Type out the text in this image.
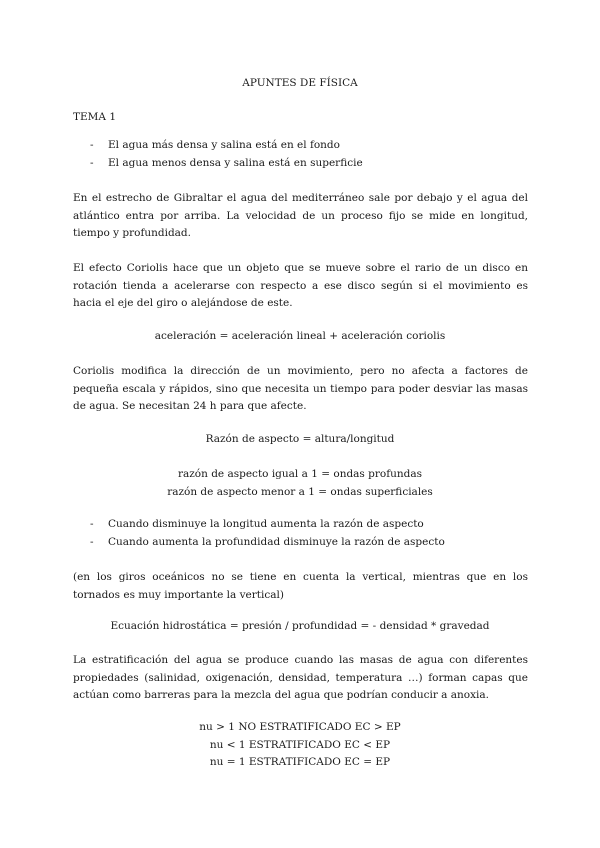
APUNTES DE FÍSICA
TEMA 1
- El agua más densa y salina está en el fondo
- El agua menos densa y salina está en superficie
En el estrecho de Gibraltar el agua del mediterráneo sale por debajo y el agua del atlántico entra por arriba. La velocidad de un proceso fijo se mide en longitud, tiempo y profundidad.
El efecto Coriolis hace que un objeto que se mueve sobre el rario de un disco en rotación tienda a acelerarse con respecto a ese disco según si el movimiento es hacia el eje del giro o alejándose de este.
aceleración = aceleración lineal + aceleración coriolis
Coriolis modifica la dirección de un movimiento, pero no afecta a factores de pequeña escala y rápidos, sino que necesita un tiempo para poder desviar las masas de agua. Se necesitan 24 h para que afecte.
Razón de aspecto = altura/longitud
razón de aspecto igual a 1 = ondas profundas
razón de aspecto menor a 1 = ondas superficiales
- Cuando disminuye la longitud aumenta la razón de aspecto
- Cuando aumenta la profundidad disminuye la razón de aspecto
(en los giros oceánicos no se tiene en cuenta la vertical, mientras que en los tornados es muy importante la vertical)
Ecuación hidrostática = presión / profundidad = - densidad * gravedad
La estratificación del agua se produce cuando las masas de agua con diferentes propiedades (salinidad, oxigenación, densidad, temperatura …) forman capas que actúan como barreras para la mezcla del agua que podrían conducir a anoxia.
nu > 1 NO ESTRATIFICADO EC > EP
nu < 1 ESTRATIFICADO EC < EP
nu = 1 ESTRATIFICADO EC = EP
